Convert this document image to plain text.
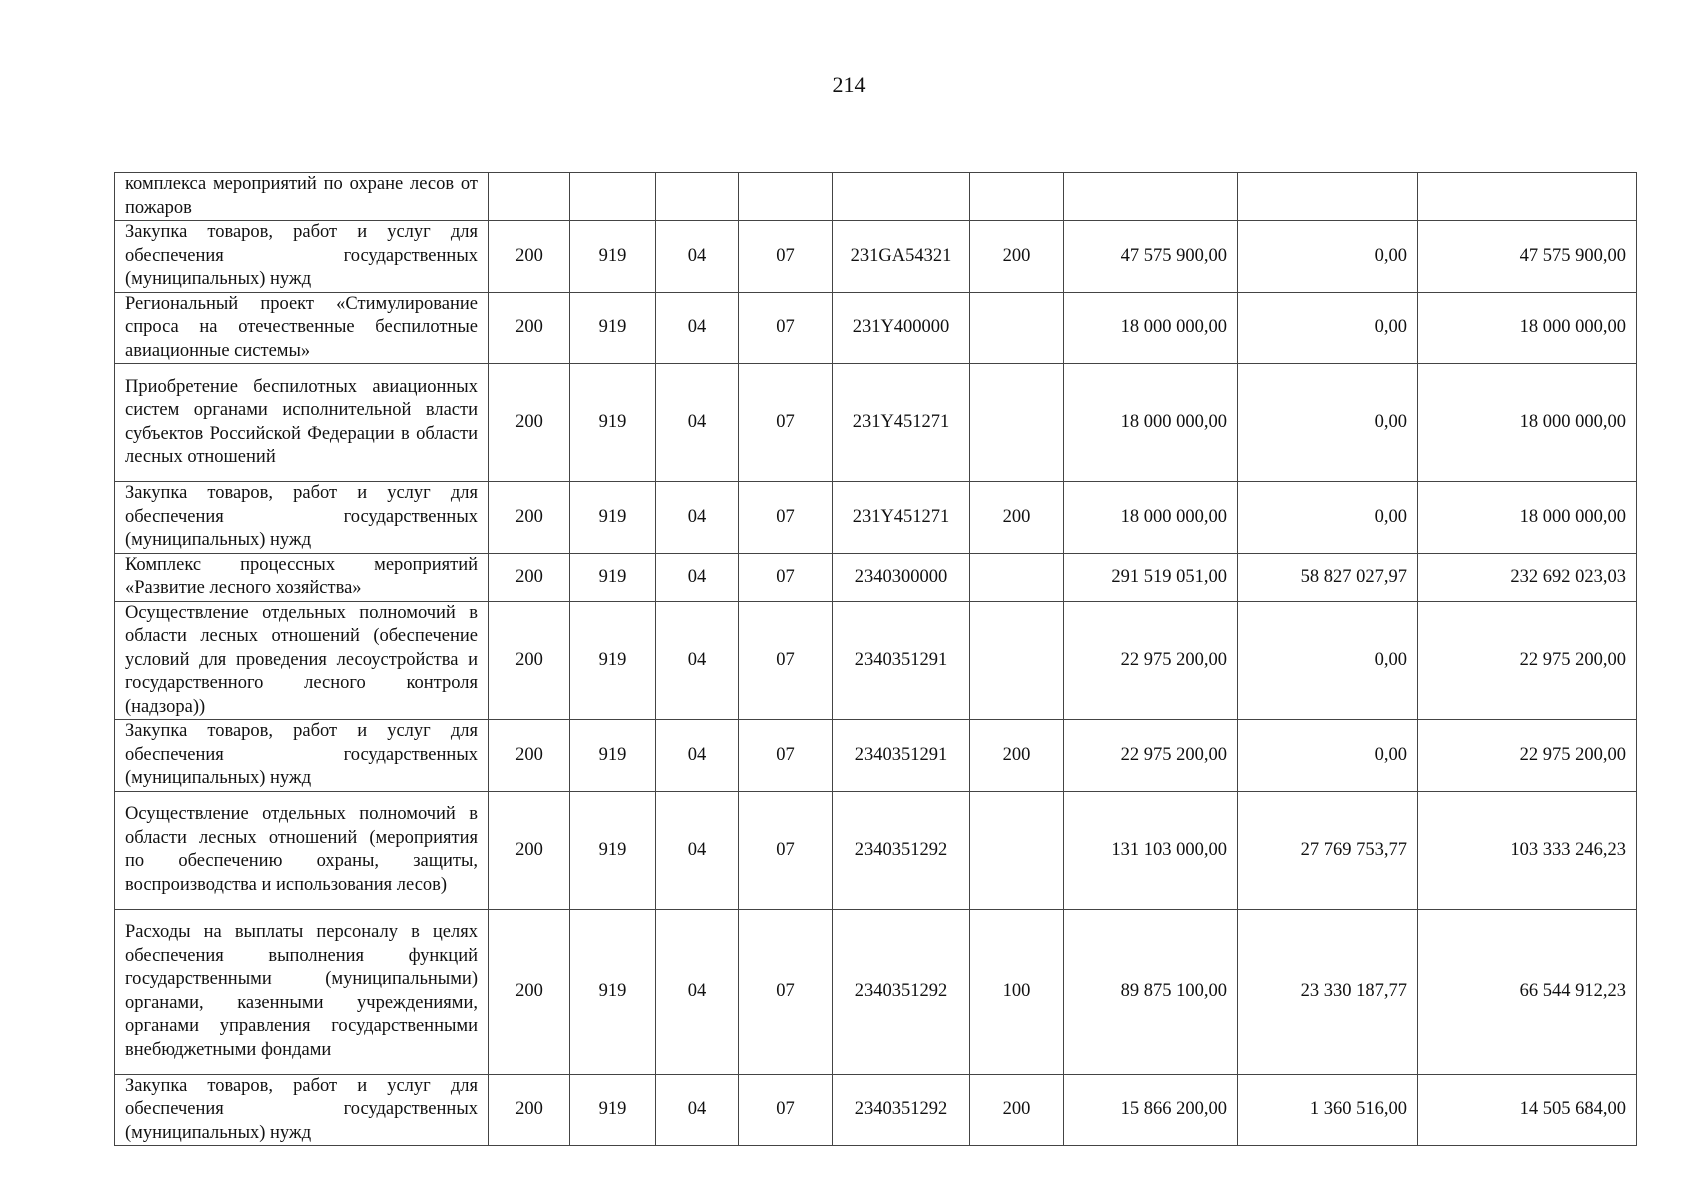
214
комплекса мероприятий по охране лесов от пожаров									
Закупка товаров, работ и услуг для обеспечения государственных (муниципальных) нужд	200	919	04	07	231GA54321	200	47 575 900,00	0,00	47 575 900,00
Региональный проект «Стимулирование спроса на отечественные беспилотные авиационные системы»	200	919	04	07	231Y400000		18 000 000,00	0,00	18 000 000,00
Приобретение беспилотных авиационных систем органами исполнительной власти субъектов Российской Федерации в области лесных отношений	200	919	04	07	231Y451271		18 000 000,00	0,00	18 000 000,00
Закупка товаров, работ и услуг для обеспечения государственных (муниципальных) нужд	200	919	04	07	231Y451271	200	18 000 000,00	0,00	18 000 000,00
Комплекс процессных мероприятий «Развитие лесного хозяйства»	200	919	04	07	2340300000		291 519 051,00	58 827 027,97	232 692 023,03
Осуществление отдельных полномочий в области лесных отношений (обеспечение условий для проведения лесоустройства и государственного лесного контроля (надзора))	200	919	04	07	2340351291		22 975 200,00	0,00	22 975 200,00
Закупка товаров, работ и услуг для обеспечения государственных (муниципальных) нужд	200	919	04	07	2340351291	200	22 975 200,00	0,00	22 975 200,00
Осуществление отдельных полномочий в области лесных отношений (мероприятия по обеспечению охраны, защиты, воспроизводства и использования лесов)	200	919	04	07	2340351292		131 103 000,00	27 769 753,77	103 333 246,23
Расходы на выплаты персоналу в целях обеспечения выполнения функций государственными (муниципальными) органами, казенными учреждениями, органами управления государственными внебюджетными фондами	200	919	04	07	2340351292	100	89 875 100,00	23 330 187,77	66 544 912,23
Закупка товаров, работ и услуг для обеспечения государственных (муниципальных) нужд	200	919	04	07	2340351292	200	15 866 200,00	1 360 516,00	14 505 684,00
